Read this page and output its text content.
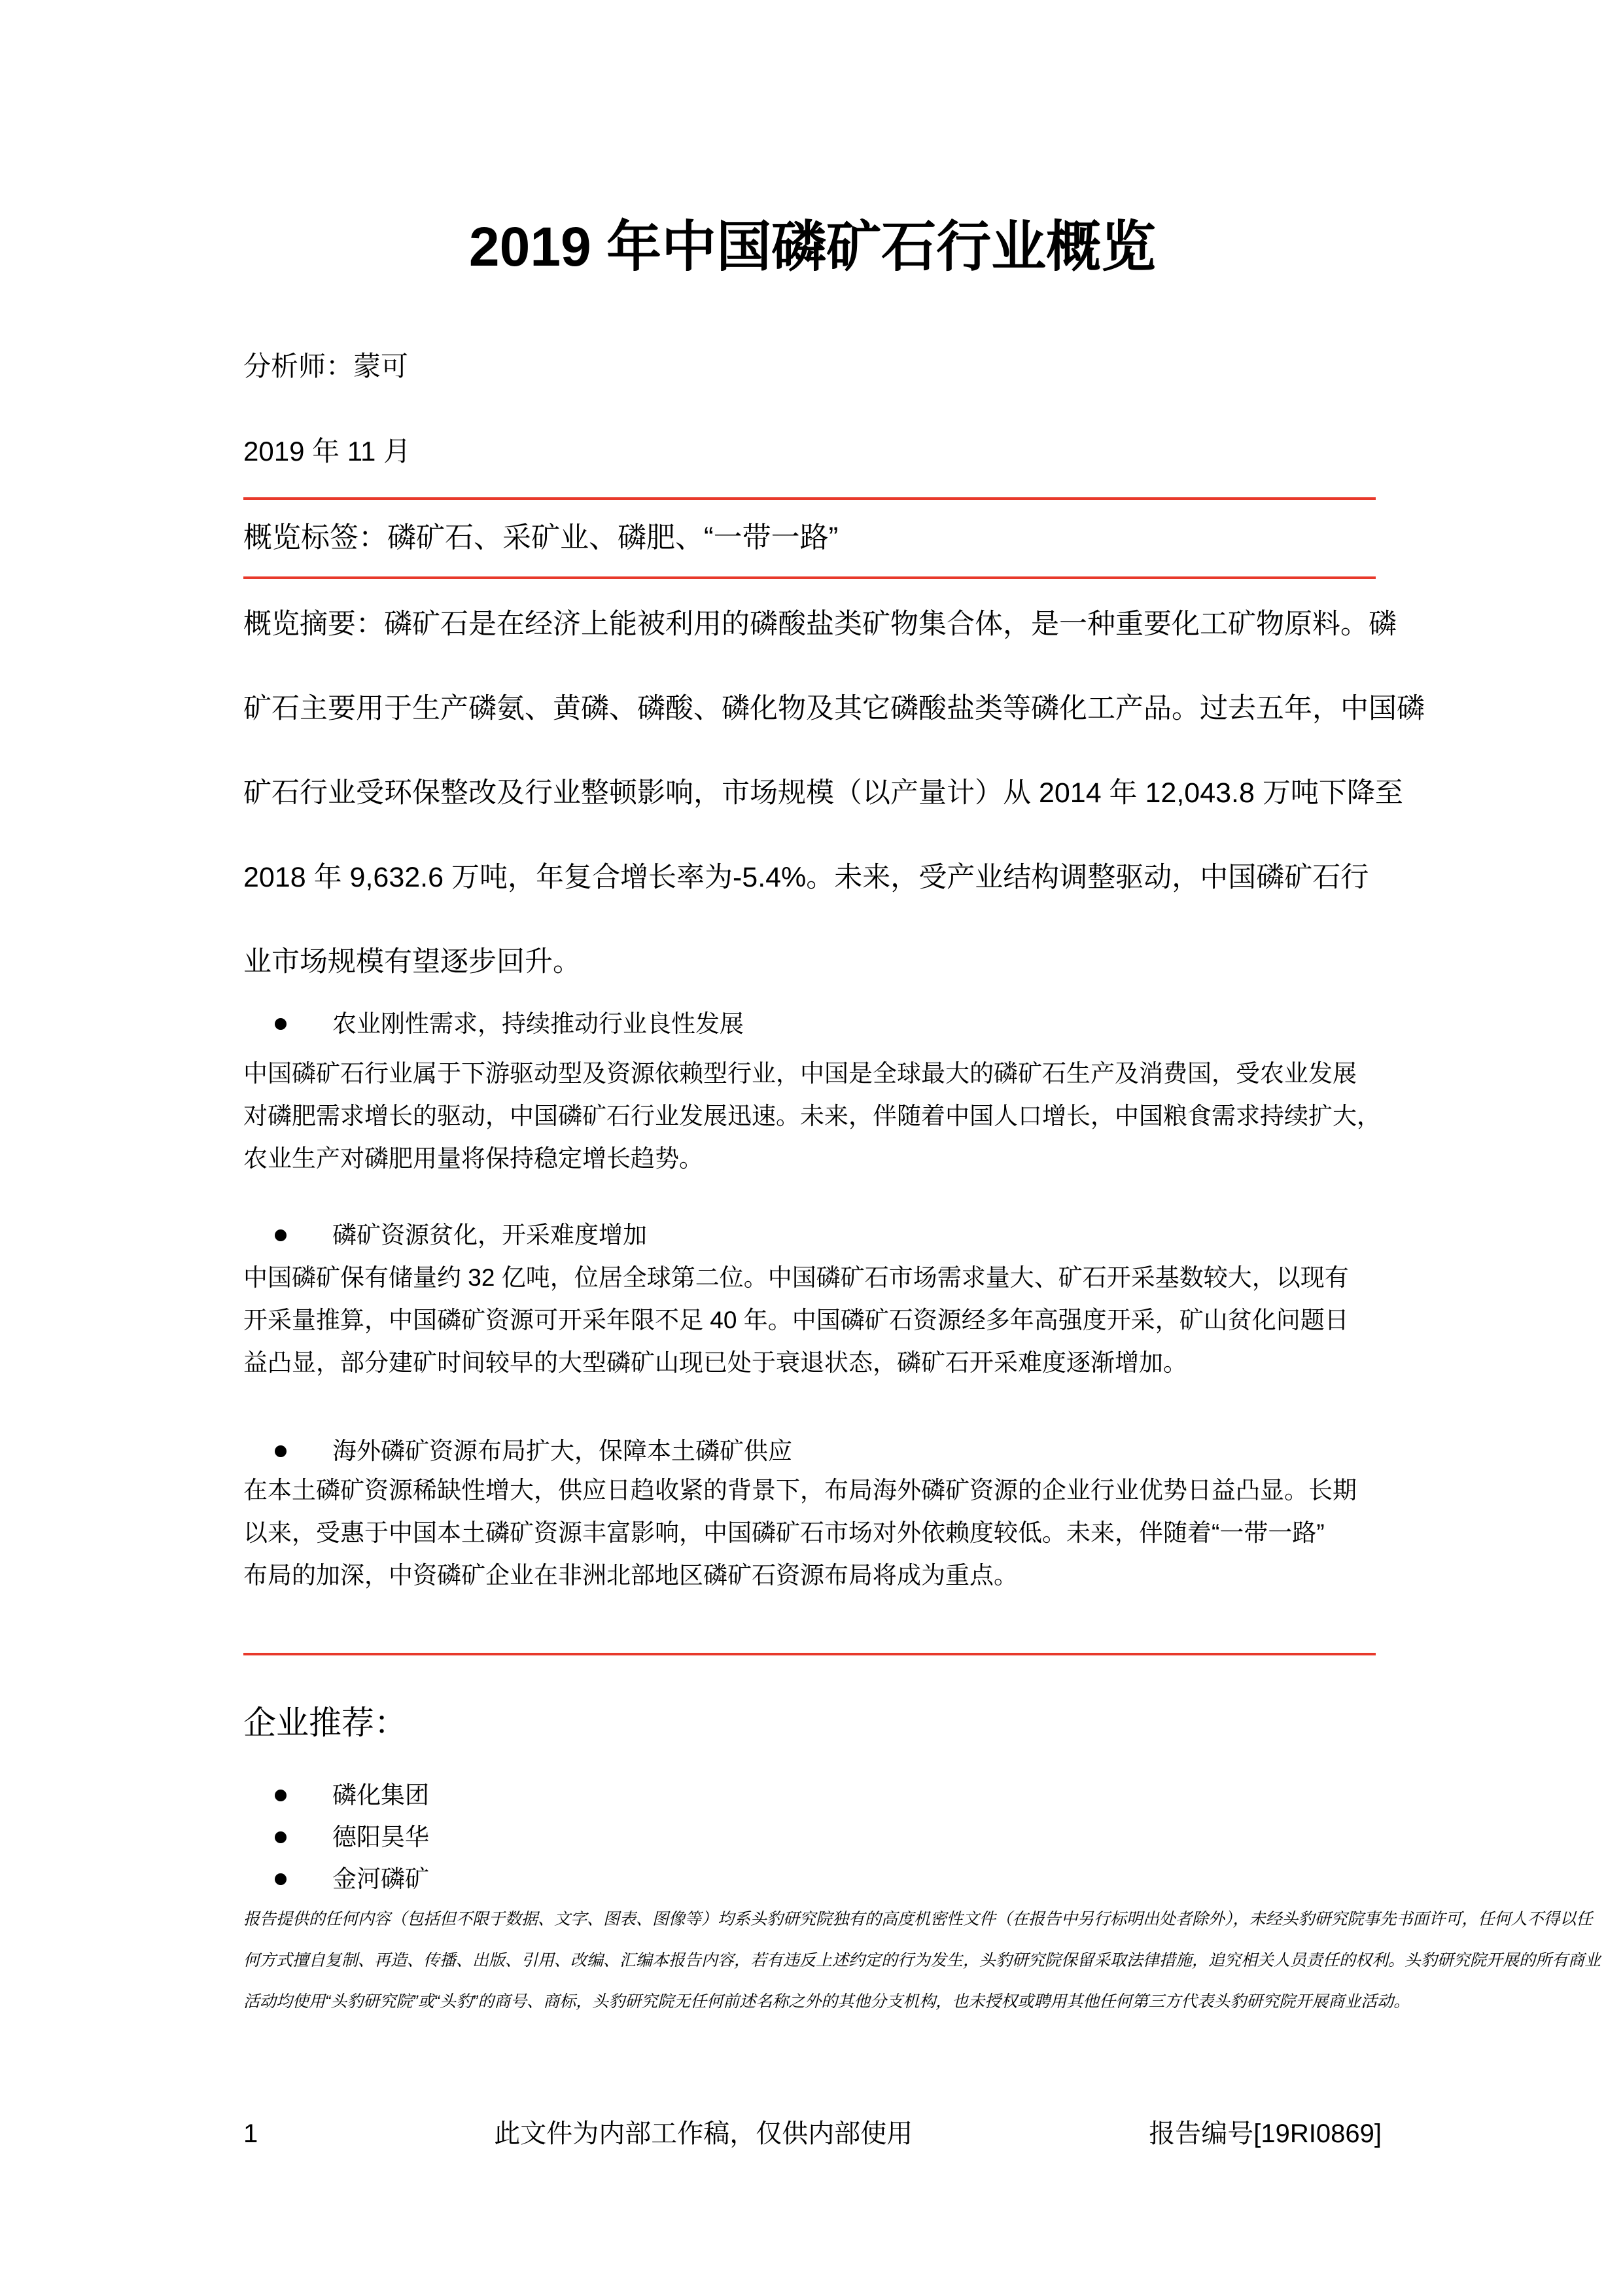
2019 年中国磷矿石行业概览
分析师：蒙可
2019 年 11 月
概览标签：磷矿石、采矿业、磷肥、“一带一路”
概览摘要：磷矿石是在经济上能被利用的磷酸盐类矿物集合体，是一种重要化工矿物原料。磷
矿石主要用于生产磷氨、黄磷、磷酸、磷化物及其它磷酸盐类等磷化工产品。过去五年，中国磷
矿石行业受环保整改及行业整顿影响，市场规模（以产量计）从 2014 年 12,043.8 万吨下降至
2018 年 9,632.6 万吨，年复合增长率为-5.4%。未来，受产业结构调整驱动，中国磷矿石行
业市场规模有望逐步回升。
农业刚性需求，持续推动行业良性发展
中国磷矿石行业属于下游驱动型及资源依赖型行业，中国是全球最大的磷矿石生产及消费国，受农业发展
对磷肥需求增长的驱动，中国磷矿石行业发展迅速。未来，伴随着中国人口增长，中国粮食需求持续扩大，
农业生产对磷肥用量将保持稳定增长趋势。
磷矿资源贫化，开采难度增加
中国磷矿保有储量约 32 亿吨，位居全球第二位。中国磷矿石市场需求量大、矿石开采基数较大，以现有
开采量推算，中国磷矿资源可开采年限不足 40 年。中国磷矿石资源经多年高强度开采，矿山贫化问题日
益凸显，部分建矿时间较早的大型磷矿山现已处于衰退状态，磷矿石开采难度逐渐增加。
海外磷矿资源布局扩大，保障本土磷矿供应
在本土磷矿资源稀缺性增大，供应日趋收紧的背景下，布局海外磷矿资源的企业行业优势日益凸显。长期
以来，受惠于中国本土磷矿资源丰富影响，中国磷矿石市场对外依赖度较低。未来，伴随着“一带一路”
布局的加深，中资磷矿企业在非洲北部地区磷矿石资源布局将成为重点。
企业推荐：
磷化集团
德阳昊华
金河磷矿
报告提供的任何内容（包括但不限于数据、文字、图表、图像等）均系头豹研究院独有的高度机密性文件（在报告中另行标明出处者除外），未经头豹研究院事先书面许可，任何人不得以任
何方式擅自复制、再造、传播、出版、引用、改编、汇编本报告内容，若有违反上述约定的行为发生，头豹研究院保留采取法律措施，追究相关人员责任的权利。头豹研究院开展的所有商业
活动均使用“头豹研究院”或“头豹”的商号、商标，头豹研究院无任何前述名称之外的其他分支机构，也未授权或聘用其他任何第三方代表头豹研究院开展商业活动。
1	此文件为内部工作稿，仅供内部使用	报告编号[19RI0869]
